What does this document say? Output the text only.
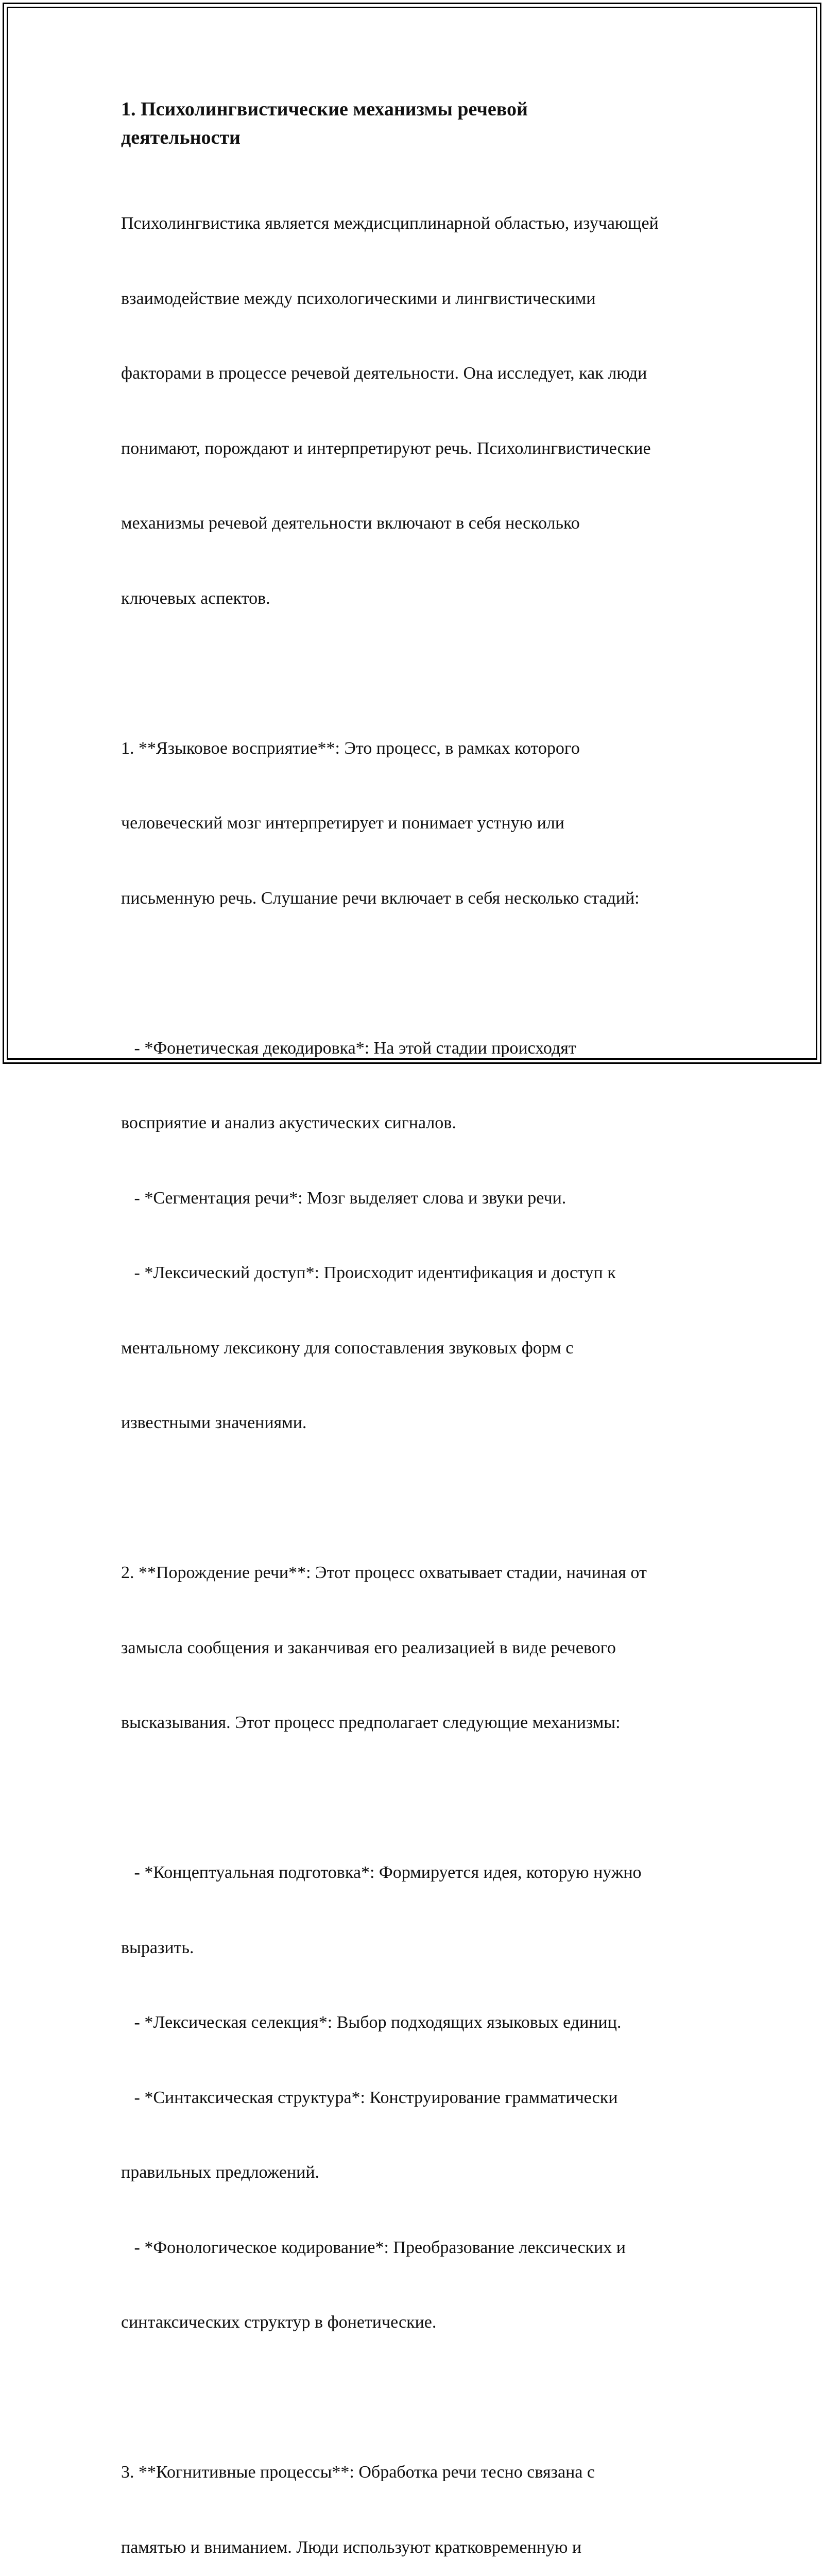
1. Психолингвистические механизмы речевой
деятельности

Психолингвистика является междисциплинарной областью, изучающей

взаимодействие между психологическими и лингвистическими

факторами в процессе речевой деятельности. Она исследует, как люди

понимают, порождают и интерпретируют речь. Психолингвистические

механизмы речевой деятельности включают в себя несколько

ключевых аспектов.

1. **Языковое восприятие**: Это процесс, в рамках которого

человеческий мозг интерпретирует и понимает устную или

письменную речь. Слушание речи включает в себя несколько стадий:

- *Фонетическая декодировка*: На этой стадии происходят

восприятие и анализ акустических сигналов.

- *Сегментация речи*: Мозг выделяет слова и звуки речи.

- *Лексический доступ*: Происходит идентификация и доступ к

ментальному лексикону для сопоставления звуковых форм с

известными значениями.

2. **Порождение речи**: Этот процесс охватывает стадии, начиная от

замысла сообщения и заканчивая его реализацией в виде речевого

высказывания. Этот процесс предполагает следующие механизмы:

- *Концептуальная подготовка*: Формируется идея, которую нужно

выразить.

- *Лексическая селекция*: Выбор подходящих языковых единиц.

- *Синтаксическая структура*: Конструирование грамматически

правильных предложений.

- *Фонологическое кодирование*: Преобразование лексических и

синтаксических структур в фонетические.

3. **Когнитивные процессы**: Обработка речи тесно связана с

памятью и вниманием. Люди используют кратковременную и
